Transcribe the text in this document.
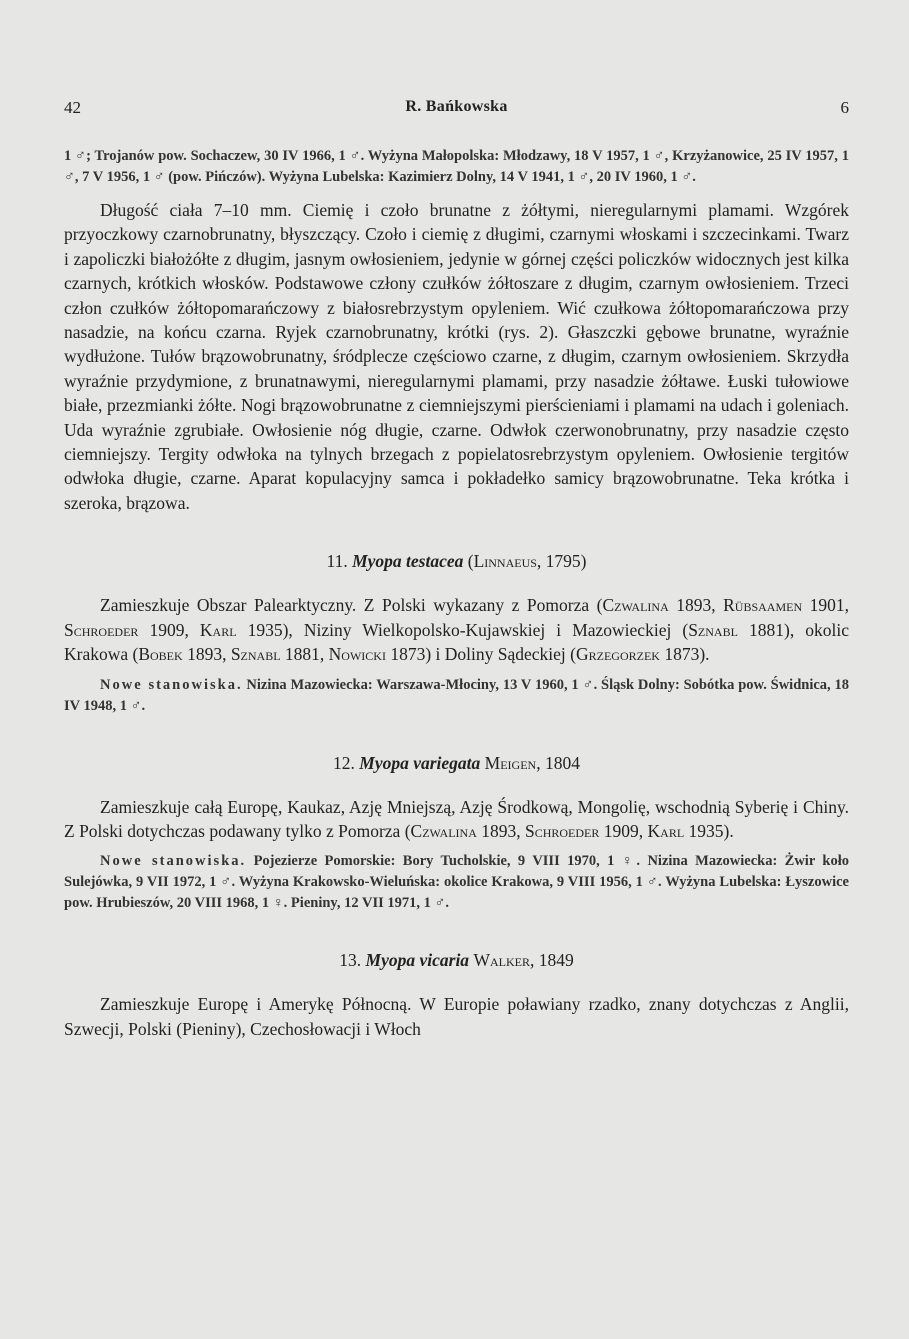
42	R. Bańkowska	6

1 ♂; Trojanów pow. Sochaczew, 30 IV 1966, 1 ♂. Wyżyna Małopolska: Młodzawy, 18 V 1957, 1 ♂, Krzyżanowice, 25 IV 1957, 1 ♂, 7 V 1956, 1 ♂ (pow. Pińczów). Wyżyna Lubelska: Kazimierz Dolny, 14 V 1941, 1 ♂, 20 IV 1960, 1 ♂.

Długość ciała 7–10 mm. Ciemię i czoło brunatne z żółtymi, nieregularnymi plamami. Wzgórek przyoczkowy czarnobrunatny, błyszczący. Czoło i ciemię z długimi, czarnymi włoskami i szczecinkami. Twarz i zapoliczki białożółte z długim, jasnym owłosieniem, jedynie w górnej części policzków widocznych jest kilka czarnych, krótkich włosków. Podstawowe człony czułków żółtoszare z długim, czarnym owłosieniem. Trzeci człon czułków żółtopomarańczowy z białosrebrzystym opyleniem. Wić czułkowa żółtopomarańczowa przy nasadzie, na końcu czarna. Ryjek czarnobrunatny, krótki (rys. 2). Głaszczki gębowe brunatne, wyraźnie wydłużone. Tułów brązowobrunatny, śródplecze częściowo czarne, z długim, czarnym owłosieniem. Skrzydła wyraźnie przydymione, z brunatnawymi, nieregularnymi plamami, przy nasadzie żółtawe. Łuski tułowiowe białe, przezmianki żółte. Nogi brązowobrunatne z ciemniejszymi pierścieniami i plamami na udach i goleniach. Uda wyraźnie zgrubiałe. Owłosienie nóg długie, czarne. Odwłok czerwonobrunatny, przy nasadzie często ciemniejszy. Tergity odwłoka na tylnych brzegach z popielatosrebrzystym opyleniem. Owłosienie tergitów odwłoka długie, czarne. Aparat kopulacyjny samca i pokładełko samicy brązowobrunatne. Teka krótka i szeroka, brązowa.

11. Myopa testacea (Linnaeus, 1795)

Zamieszkuje Obszar Palearktyczny. Z Polski wykazany z Pomorza (Czwalina 1893, Rübsaamen 1901, Schroeder 1909, Karl 1935), Niziny Wielkopolsko-Kujawskiej i Mazowieckiej (Sznabl 1881), okolic Krakowa (Bobek 1893, Sznabl 1881, Nowicki 1873) i Doliny Sądeckiej (Grzegorzek 1873).

Nowe stanowiska. Nizina Mazowiecka: Warszawa-Młociny, 13 V 1960, 1 ♂. Śląsk Dolny: Sobótka pow. Świdnica, 18 IV 1948, 1 ♂.

12. Myopa variegata Meigen, 1804

Zamieszkuje całą Europę, Kaukaz, Azję Mniejszą, Azję Środkową, Mongolię, wschodnią Syberię i Chiny. Z Polski dotychczas podawany tylko z Pomorza (Czwalina 1893, Schroeder 1909, Karl 1935).

Nowe stanowiska. Pojezierze Pomorskie: Bory Tucholskie, 9 VIII 1970, 1 ♀. Nizina Mazowiecka: Żwir koło Sulejówka, 9 VII 1972, 1 ♂. Wyżyna Krakowsko-Wieluńska: okolice Krakowa, 9 VIII 1956, 1 ♂. Wyżyna Lubelska: Łyszowice pow. Hrubieszów, 20 VIII 1968, 1 ♀. Pieniny, 12 VII 1971, 1 ♂.

13. Myopa vicaria Walker, 1849

Zamieszkuje Europę i Amerykę Północną. W Europie poławiany rzadko, znany dotychczas z Anglii, Szwecji, Polski (Pieniny), Czechosłowacji i Włoch
